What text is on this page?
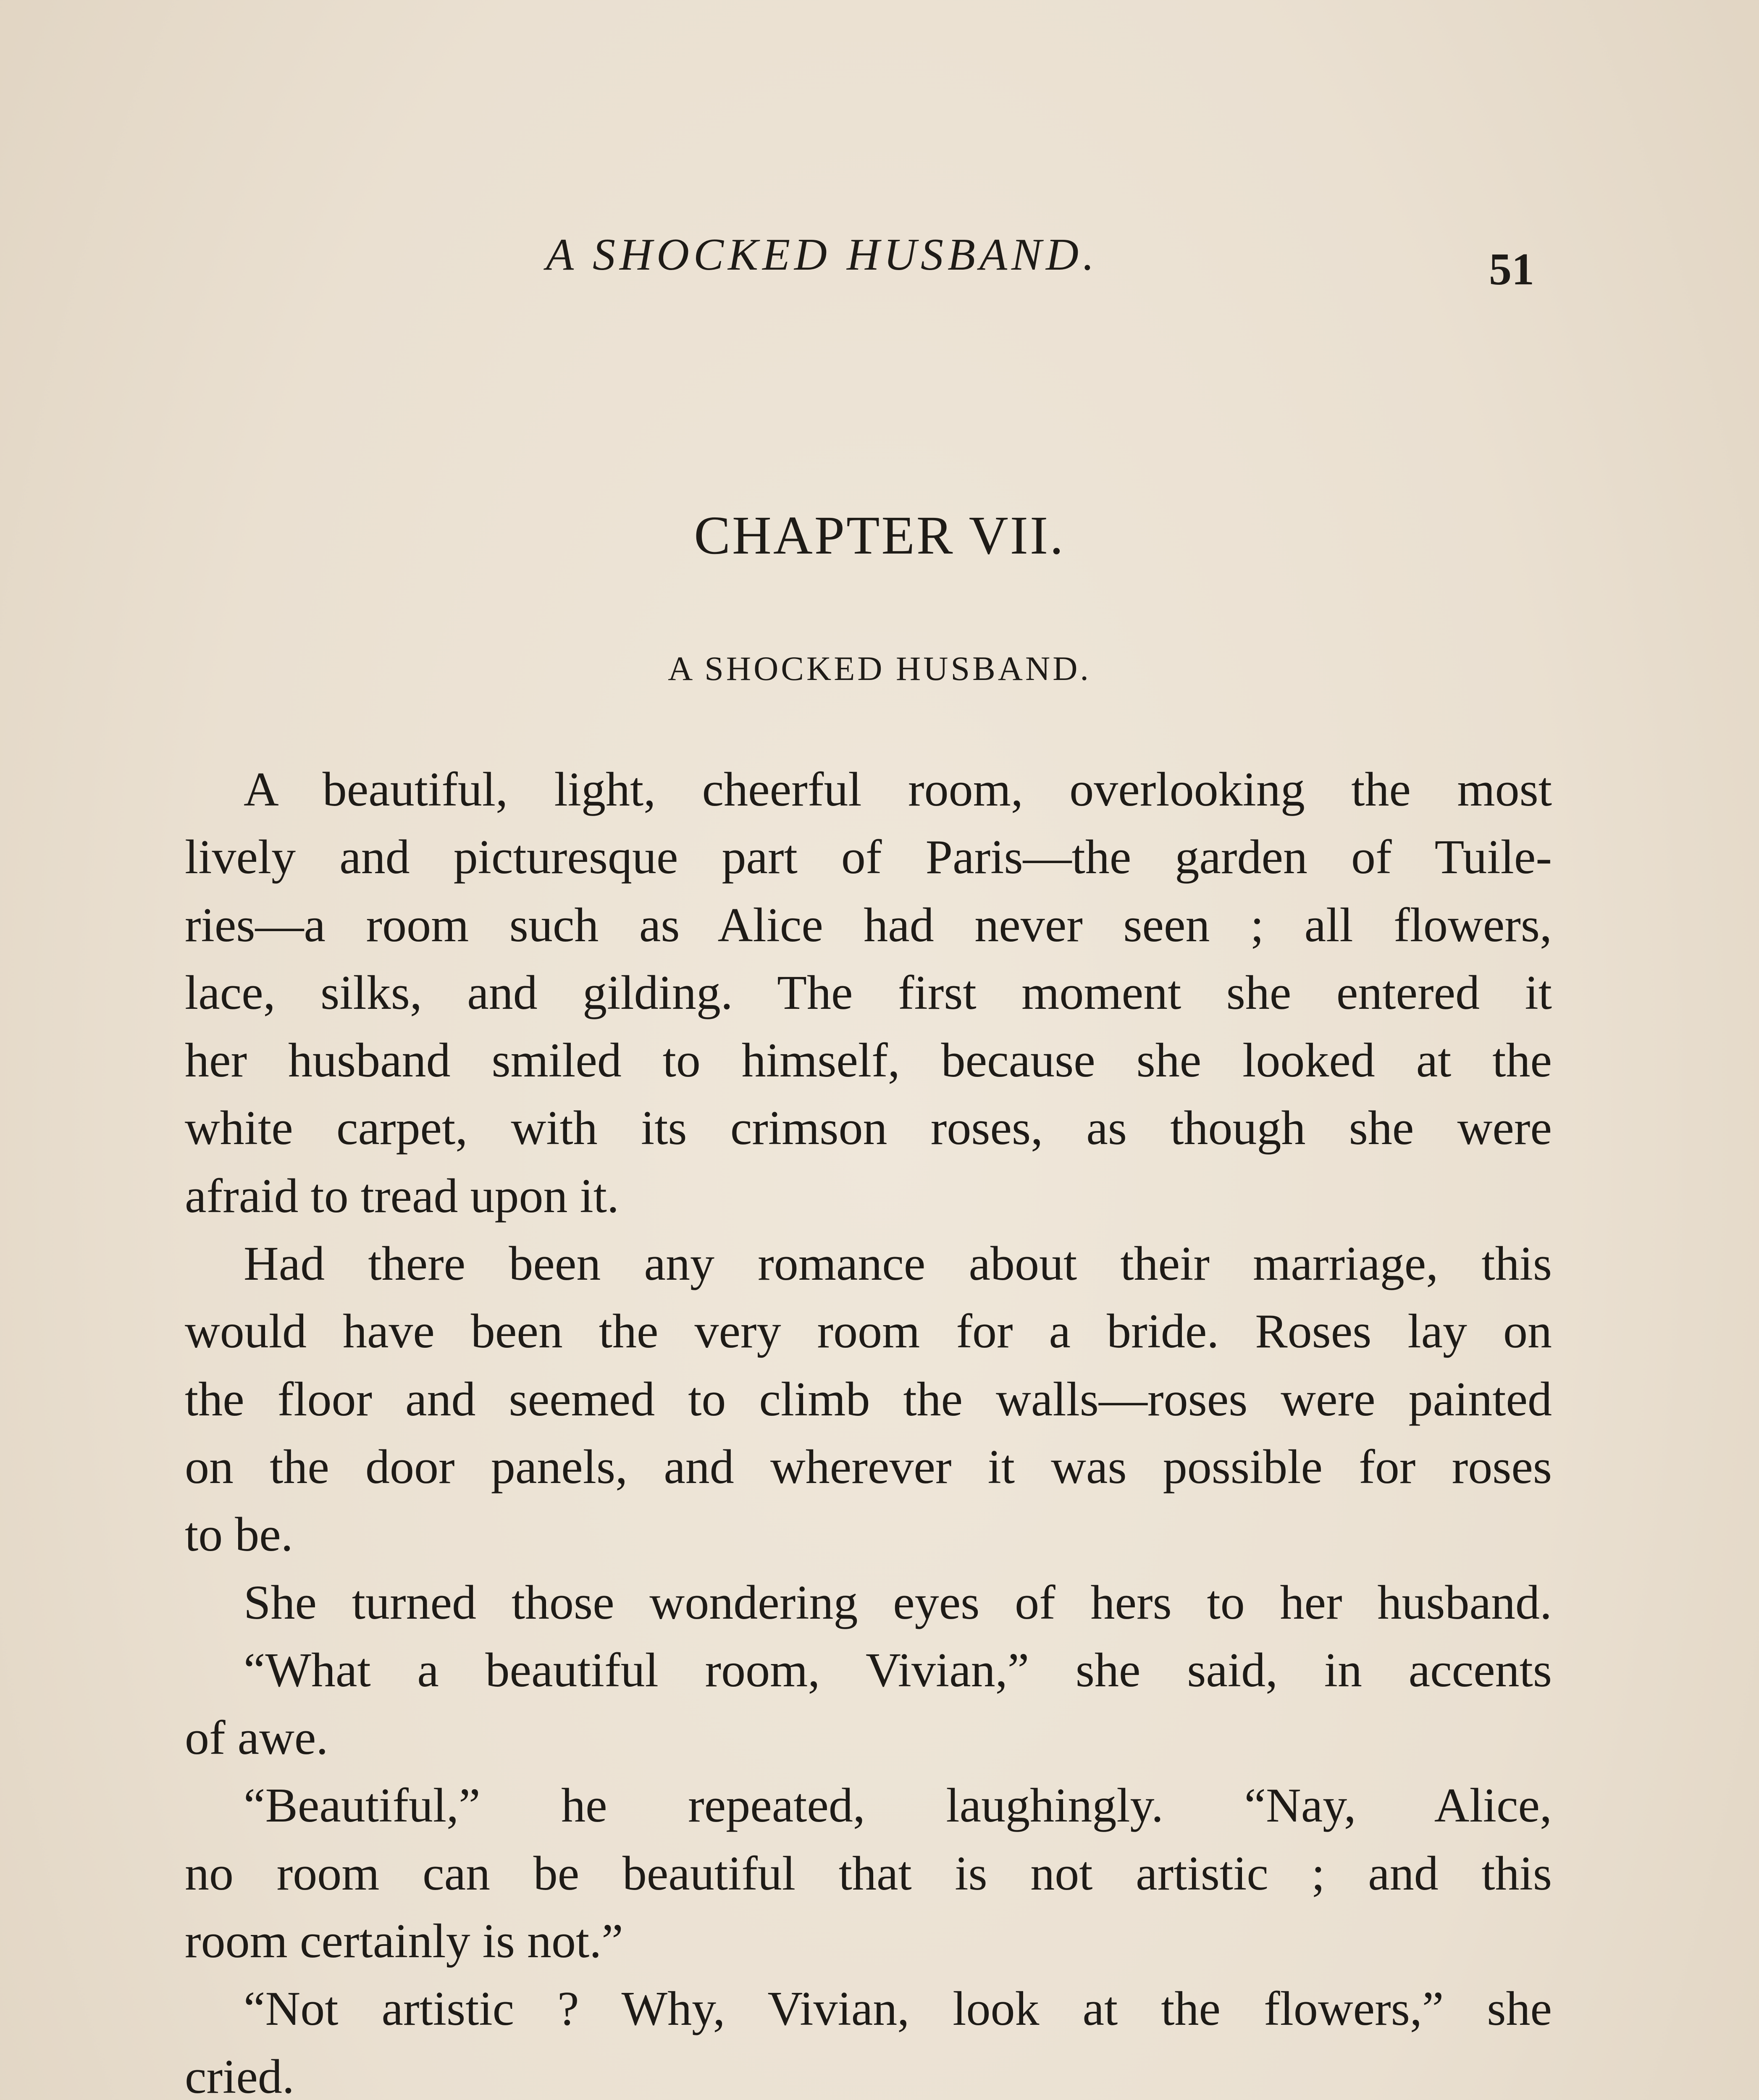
A SHOCKED HUSBAND.	51
CHAPTER VII.
A SHOCKED HUSBAND.
A beautiful, light, cheerful room, overlooking the most
lively and picturesque part of Paris—the garden of Tuile-
ries—a room such as Alice had never seen ; all flowers,
lace, silks, and gilding. The first moment she entered it
her husband smiled to himself, because she looked at the
white carpet, with its crimson roses, as though she were
afraid to tread upon it.
Had there been any romance about their marriage, this
would have been the very room for a bride. Roses lay on
the floor and seemed to climb the walls—roses were painted
on the door panels, and wherever it was possible for roses
to be.
She turned those wondering eyes of hers to her husband.
“What a beautiful room, Vivian,” she said, in accents
of awe.
“Beautiful,” he repeated, laughingly. “Nay, Alice,
no room can be beautiful that is not artistic ; and this
room certainly is not.”
“Not artistic ? Why, Vivian, look at the flowers,” she
cried.
